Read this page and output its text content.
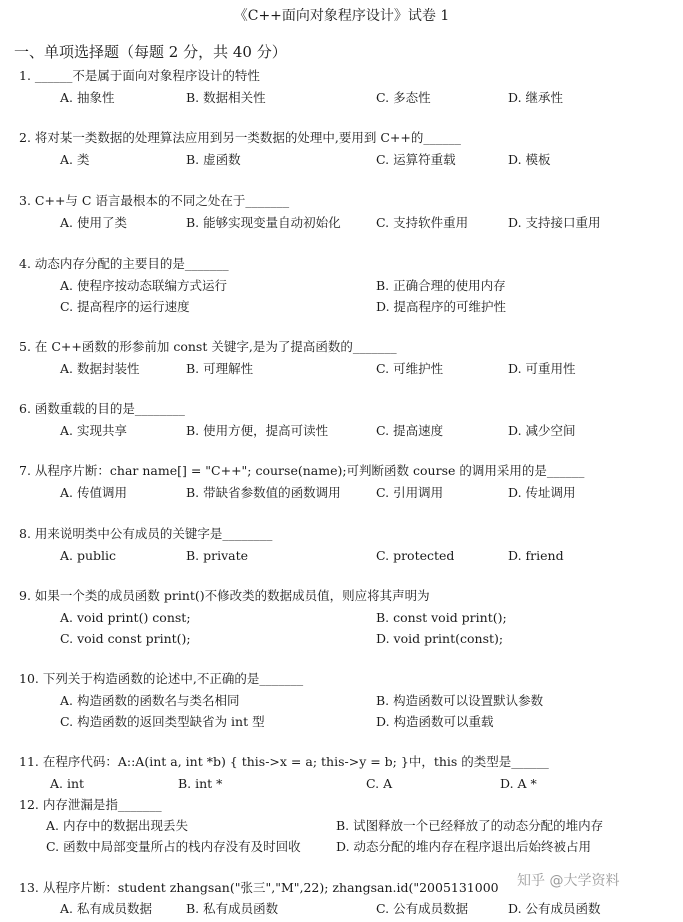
《C++面向对象程序设计》试卷 1
一、单项选择题（每题 2 分，共 40 分）
1. ______不是属于面向对象程序设计的特性
A. 抽象性	B. 数据相关性	C. 多态性	D. 继承性
2. 将对某一类数据的处理算法应用到另一类数据的处理中,要用到 C++的______
A. 类	B. 虚函数	C. 运算符重载	D. 模板
3. C++与 C 语言最根本的不同之处在于_______
A. 使用了类	B. 能够实现变量自动初始化	C. 支持软件重用	D. 支持接口重用
4. 动态内存分配的主要目的是_______
A. 使程序按动态联编方式运行	B. 正确合理的使用内存
C. 提高程序的运行速度	D. 提高程序的可维护性
5. 在 C++函数的形参前加 const 关键字,是为了提高函数的_______
A. 数据封装性	B. 可理解性	C. 可维护性	D. 可重用性
6. 函数重载的目的是________
A. 实现共享	B. 使用方便，提高可读性	C. 提高速度	D. 减少空间
7. 从程序片断：char name[] = "C++"; course(name);可判断函数 course 的调用采用的是______
A. 传值调用	B. 带缺省参数值的函数调用	C. 引用调用	D. 传址调用
8. 用来说明类中公有成员的关键字是________
A. public	B. private	C. protected	D. friend
9. 如果一个类的成员函数 print()不修改类的数据成员值，则应将其声明为
A. void print() const;	B. const void print();
C. void const print();	D. void print(const);
10. 下列关于构造函数的论述中,不正确的是_______
A. 构造函数的函数名与类名相同	B. 构造函数可以设置默认参数
C. 构造函数的返回类型缺省为 int 型	D. 构造函数可以重载
11. 在程序代码：A::A(int a, int *b) { this->x = a; this->y = b; }中，this 的类型是______
A. int	B. int *	C. A	D. A *
12. 内存泄漏是指_______
A. 内存中的数据出现丢失	B. 试图释放一个已经释放了的动态分配的堆内存
C. 函数中局部变量所占的栈内存没有及时回收	D. 动态分配的堆内存在程序退出后始终被占用
13. 从程序片断：student zhangsan("张三","M",22); zhangsan.id("2005131000
A. 私有成员数据	B. 私有成员函数	C. 公有成员数据	D. 公有成员函数
知乎 @大学资料
